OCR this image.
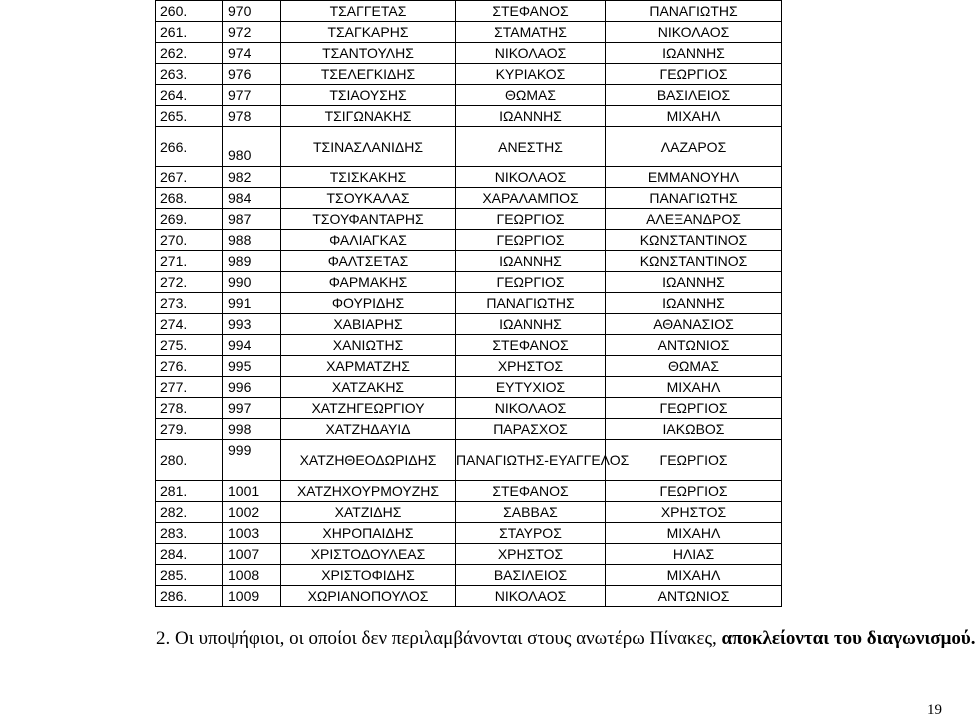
260.	970	ΤΣΑΓΓΕΤΑΣ	ΣΤΕΦΑΝΟΣ	ΠΑΝΑΓΙΩΤΗΣ
261.	972	ΤΣΑΓΚΑΡΗΣ	ΣΤΑΜΑΤΗΣ	ΝΙΚΟΛΑΟΣ
262.	974	ΤΣΑΝΤΟΥΛΗΣ	ΝΙΚΟΛΑΟΣ	ΙΩΑΝΝΗΣ
263.	976	ΤΣΕΛΕΓΚΙΔΗΣ	ΚΥΡΙΑΚΟΣ	ΓΕΩΡΓΙΟΣ
264.	977	ΤΣΙΑΟΥΣΗΣ	ΘΩΜΑΣ	ΒΑΣΙΛΕΙΟΣ
265.	978	ΤΣΙΓΩΝΑΚΗΣ	ΙΩΑΝΝΗΣ	ΜΙΧΑΗΛ
266.	980	ΤΣΙΝΑΣΛΑΝΙΔΗΣ	ΑΝΕΣΤΗΣ	ΛΑΖΑΡΟΣ
267.	982	ΤΣΙΣΚΑΚΗΣ	ΝΙΚΟΛΑΟΣ	ΕΜΜΑΝΟΥΗΛ
268.	984	ΤΣΟΥΚΑΛΑΣ	ΧΑΡΑΛΑΜΠΟΣ	ΠΑΝΑΓΙΩΤΗΣ
269.	987	ΤΣΟΥΦΑΝΤΑΡΗΣ	ΓΕΩΡΓΙΟΣ	ΑΛΕΞΑΝΔΡΟΣ
270.	988	ΦΑΛΙΑΓΚΑΣ	ΓΕΩΡΓΙΟΣ	ΚΩΝΣΤΑΝΤΙΝΟΣ
271.	989	ΦΑΛΤΣΕΤΑΣ	ΙΩΑΝΝΗΣ	ΚΩΝΣΤΑΝΤΙΝΟΣ
272.	990	ΦΑΡΜΑΚΗΣ	ΓΕΩΡΓΙΟΣ	ΙΩΑΝΝΗΣ
273.	991	ΦΟΥΡΙΔΗΣ	ΠΑΝΑΓΙΩΤΗΣ	ΙΩΑΝΝΗΣ
274.	993	ΧΑΒΙΑΡΗΣ	ΙΩΑΝΝΗΣ	ΑΘΑΝΑΣΙΟΣ
275.	994	ΧΑΝΙΩΤΗΣ	ΣΤΕΦΑΝΟΣ	ΑΝΤΩΝΙΟΣ
276.	995	ΧΑΡΜΑΤΖΗΣ	ΧΡΗΣΤΟΣ	ΘΩΜΑΣ
277.	996	ΧΑΤΖΑΚΗΣ	ΕΥΤΥΧΙΟΣ	ΜΙΧΑΗΛ
278.	997	ΧΑΤΖΗΓΕΩΡΓΙΟΥ	ΝΙΚΟΛΑΟΣ	ΓΕΩΡΓΙΟΣ
279.	998	ΧΑΤΖΗΔΑΥΙΔ	ΠΑΡΑΣΧΟΣ	ΙΑΚΩΒΟΣ
280.	999	ΧΑΤΖΗΘΕΟΔΩΡΙΔΗΣ	ΠΑΝΑΓΙΩΤΗΣ-ΕΥΑΓΓΕΛΟΣ	ΓΕΩΡΓΙΟΣ
281.	1001	ΧΑΤΖΗΧΟΥΡΜΟΥΖΗΣ	ΣΤΕΦΑΝΟΣ	ΓΕΩΡΓΙΟΣ
282.	1002	ΧΑΤΖΙΔΗΣ	ΣΑΒΒΑΣ	ΧΡΗΣΤΟΣ
283.	1003	ΧΗΡΟΠΑΙΔΗΣ	ΣΤΑΥΡΟΣ	ΜΙΧΑΗΛ
284.	1007	ΧΡΙΣΤΟΔΟΥΛΕΑΣ	ΧΡΗΣΤΟΣ	ΗΛΙΑΣ
285.	1008	ΧΡΙΣΤΟΦΙΔΗΣ	ΒΑΣΙΛΕΙΟΣ	ΜΙΧΑΗΛ
286.	1009	ΧΩΡΙΑΝΟΠΟΥΛΟΣ	ΝΙΚΟΛΑΟΣ	ΑΝΤΩΝΙΟΣ
2. Οι υποψήφιοι, οι οποίοι δεν περιλαμβάνονται στους ανωτέρω Πίνακες, αποκλείονται του διαγωνισμού.
19
